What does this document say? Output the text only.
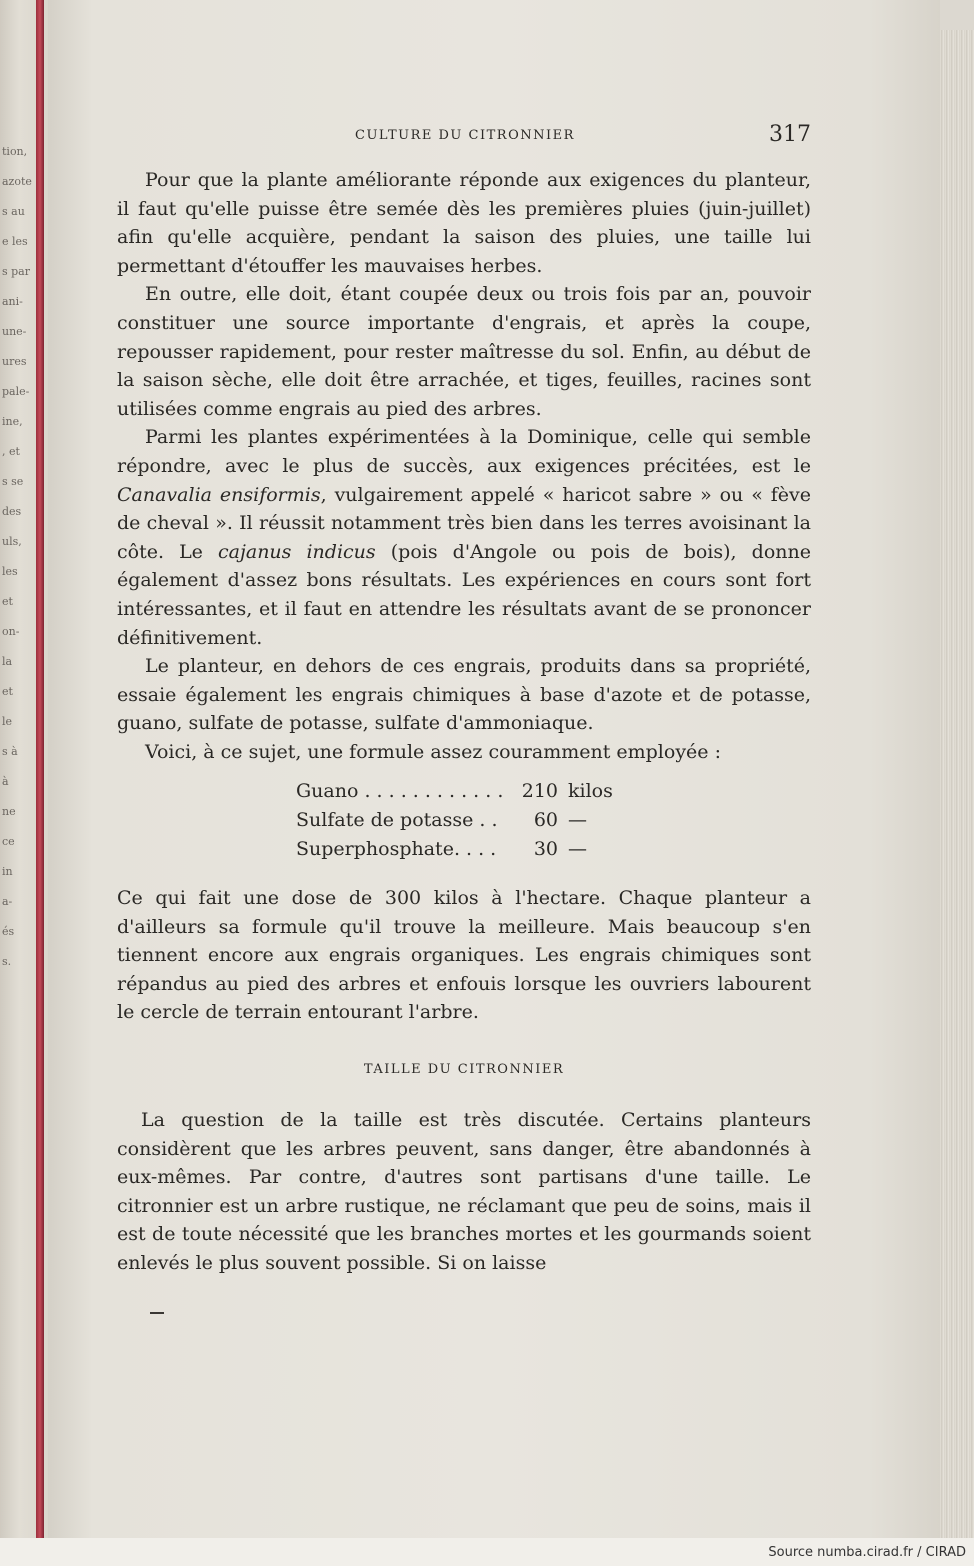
tion,
azote
s au
e les
s par
ani-
une-
ures
pale-
ine,
, et
s se
des
uls,
les
et
on-
la
et
le
s à
à
ne
ce
in
a-
és
s.
CULTURE DU CITRONNIER	317

Pour que la plante améliorante réponde aux exigences du planteur, il faut qu'elle puisse être semée dès les premières pluies (juin-juillet) afin qu'elle acquière, pendant la saison des pluies, une taille lui permettant d'étouffer les mauvaises herbes.

En outre, elle doit, étant coupée deux ou trois fois par an, pouvoir constituer une source importante d'engrais, et après la coupe, repousser rapidement, pour rester maîtresse du sol. Enfin, au début de la saison sèche, elle doit être arrachée, et tiges, feuilles, racines sont utilisées comme engrais au pied des arbres.

Parmi les plantes expérimentées à la Dominique, celle qui semble répondre, avec le plus de succès, aux exigences précitées, est le Canavalia ensiformis, vulgairement appelé « haricot sabre » ou « fève de cheval ». Il réussit notamment très bien dans les terres avoisinant la côte. Le cajanus indicus (pois d'Angole ou pois de bois), donne également d'assez bons résultats. Les expériences en cours sont fort intéressantes, et il faut en attendre les résultats avant de se prononcer définitivement.

Le planteur, en dehors de ces engrais, produits dans sa propriété, essaie également les engrais chimiques à base d'azote et de potasse, guano, sulfate de potasse, sulfate d'ammoniaque.

Voici, à ce sujet, une formule assez couramment employée :

Guano . . . . . . . . . . . . 210 kilos
Sulfate de potasse . .	60 —
Superphosphate. . . .	30 —

Ce qui fait une dose de 300 kilos à l'hectare. Chaque planteur a d'ailleurs sa formule qu'il trouve la meilleure. Mais beaucoup s'en tiennent encore aux engrais organiques. Les engrais chimiques sont répandus au pied des arbres et enfouis lorsque les ouvriers labourent le cercle de terrain entourant l'arbre.

TAILLE DU CITRONNIER

La question de la taille est très discutée. Certains planteurs considèrent que les arbres peuvent, sans danger, être abandonnés à eux-mêmes. Par contre, d'autres sont partisans d'une taille. Le citronnier est un arbre rustique, ne réclamant que peu de soins, mais il est de toute nécessité que les branches mortes et les gourmands soient enlevés le plus souvent possible. Si on laisse

Source numba.cirad.fr / CIRAD
